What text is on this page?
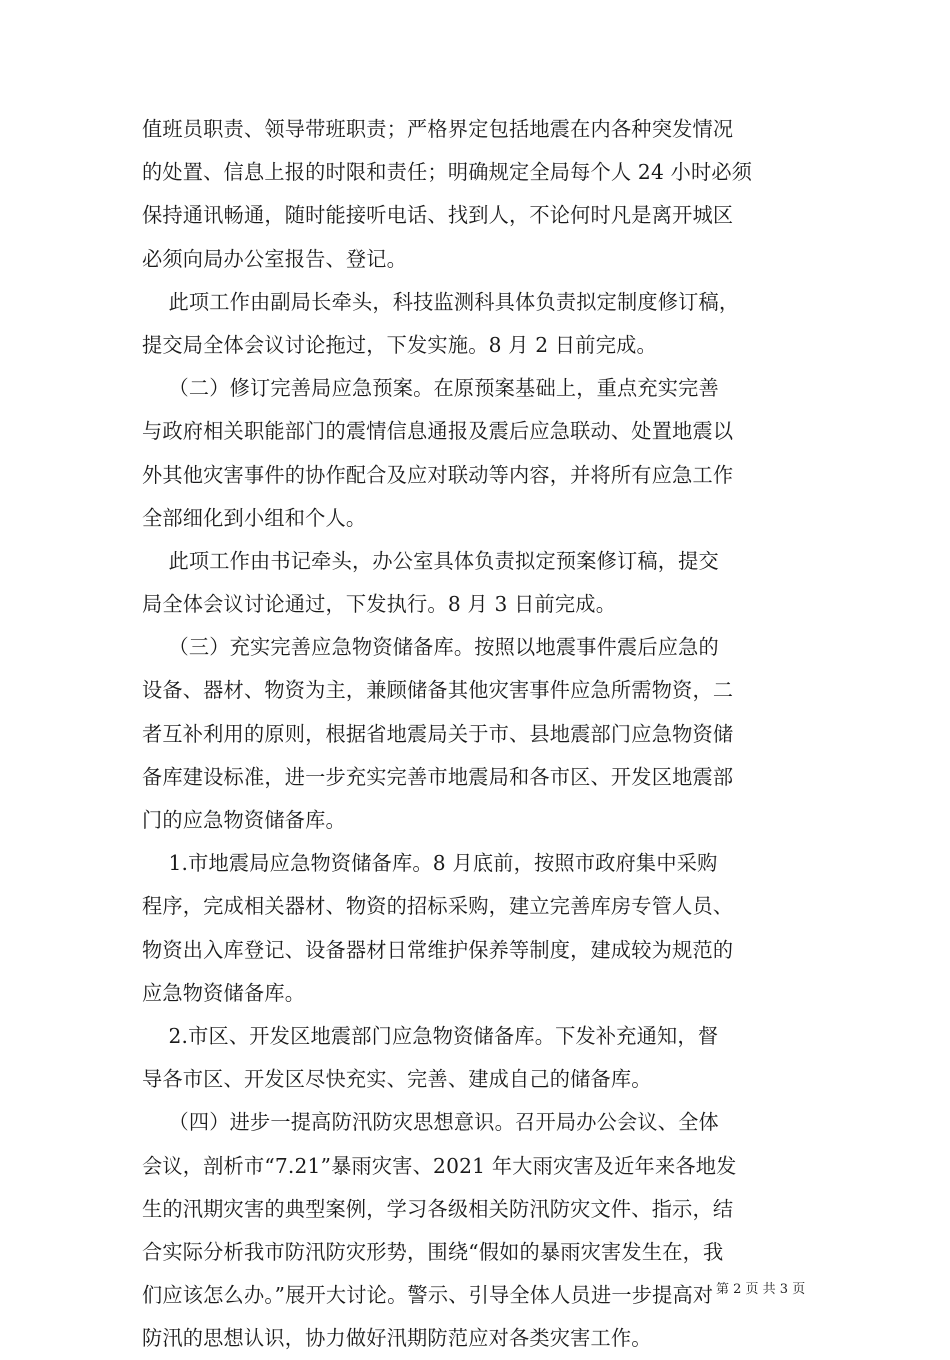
值班员职责、领导带班职责；严格界定包括地震在内各种突发情况
的处置、信息上报的时限和责任；明确规定全局每个人 24 小时必须
保持通讯畅通，随时能接听电话、找到人，不论何时凡是离开城区
必须向局办公室报告、登记。
此项工作由副局长牵头，科技监测科具体负责拟定制度修订稿，
提交局全体会议讨论拖过，下发实施。8 月 2 日前完成。
（二）修订完善局应急预案。在原预案基础上，重点充实完善
与政府相关职能部门的震情信息通报及震后应急联动、处置地震以
外其他灾害事件的协作配合及应对联动等内容，并将所有应急工作
全部细化到小组和个人。
此项工作由书记牵头，办公室具体负责拟定预案修订稿，提交
局全体会议讨论通过，下发执行。8 月 3 日前完成。
（三）充实完善应急物资储备库。按照以地震事件震后应急的
设备、器材、物资为主，兼顾储备其他灾害事件应急所需物资，二
者互补利用的原则，根据省地震局关于市、县地震部门应急物资储
备库建设标准，进一步充实完善市地震局和各市区、开发区地震部
门的应急物资储备库。
1.市地震局应急物资储备库。8 月底前，按照市政府集中采购
程序，完成相关器材、物资的招标采购，建立完善库房专管人员、
物资出入库登记、设备器材日常维护保养等制度，建成较为规范的
应急物资储备库。
2.市区、开发区地震部门应急物资储备库。下发补充通知，督
导各市区、开发区尽快充实、完善、建成自己的储备库。
（四）进步一提高防汛防灾思想意识。召开局办公会议、全体
会议，剖析市“7.21”暴雨灾害、2021 年大雨灾害及近年来各地发
生的汛期灾害的典型案例，学习各级相关防汛防灾文件、指示，结
合实际分析我市防汛防灾形势，围绕“假如的暴雨灾害发生在，我
们应该怎么办。”展开大讨论。警示、引导全体人员进一步提高对
防汛的思想认识，协力做好汛期防范应对各类灾害工作。
第 2 页 共 3 页
